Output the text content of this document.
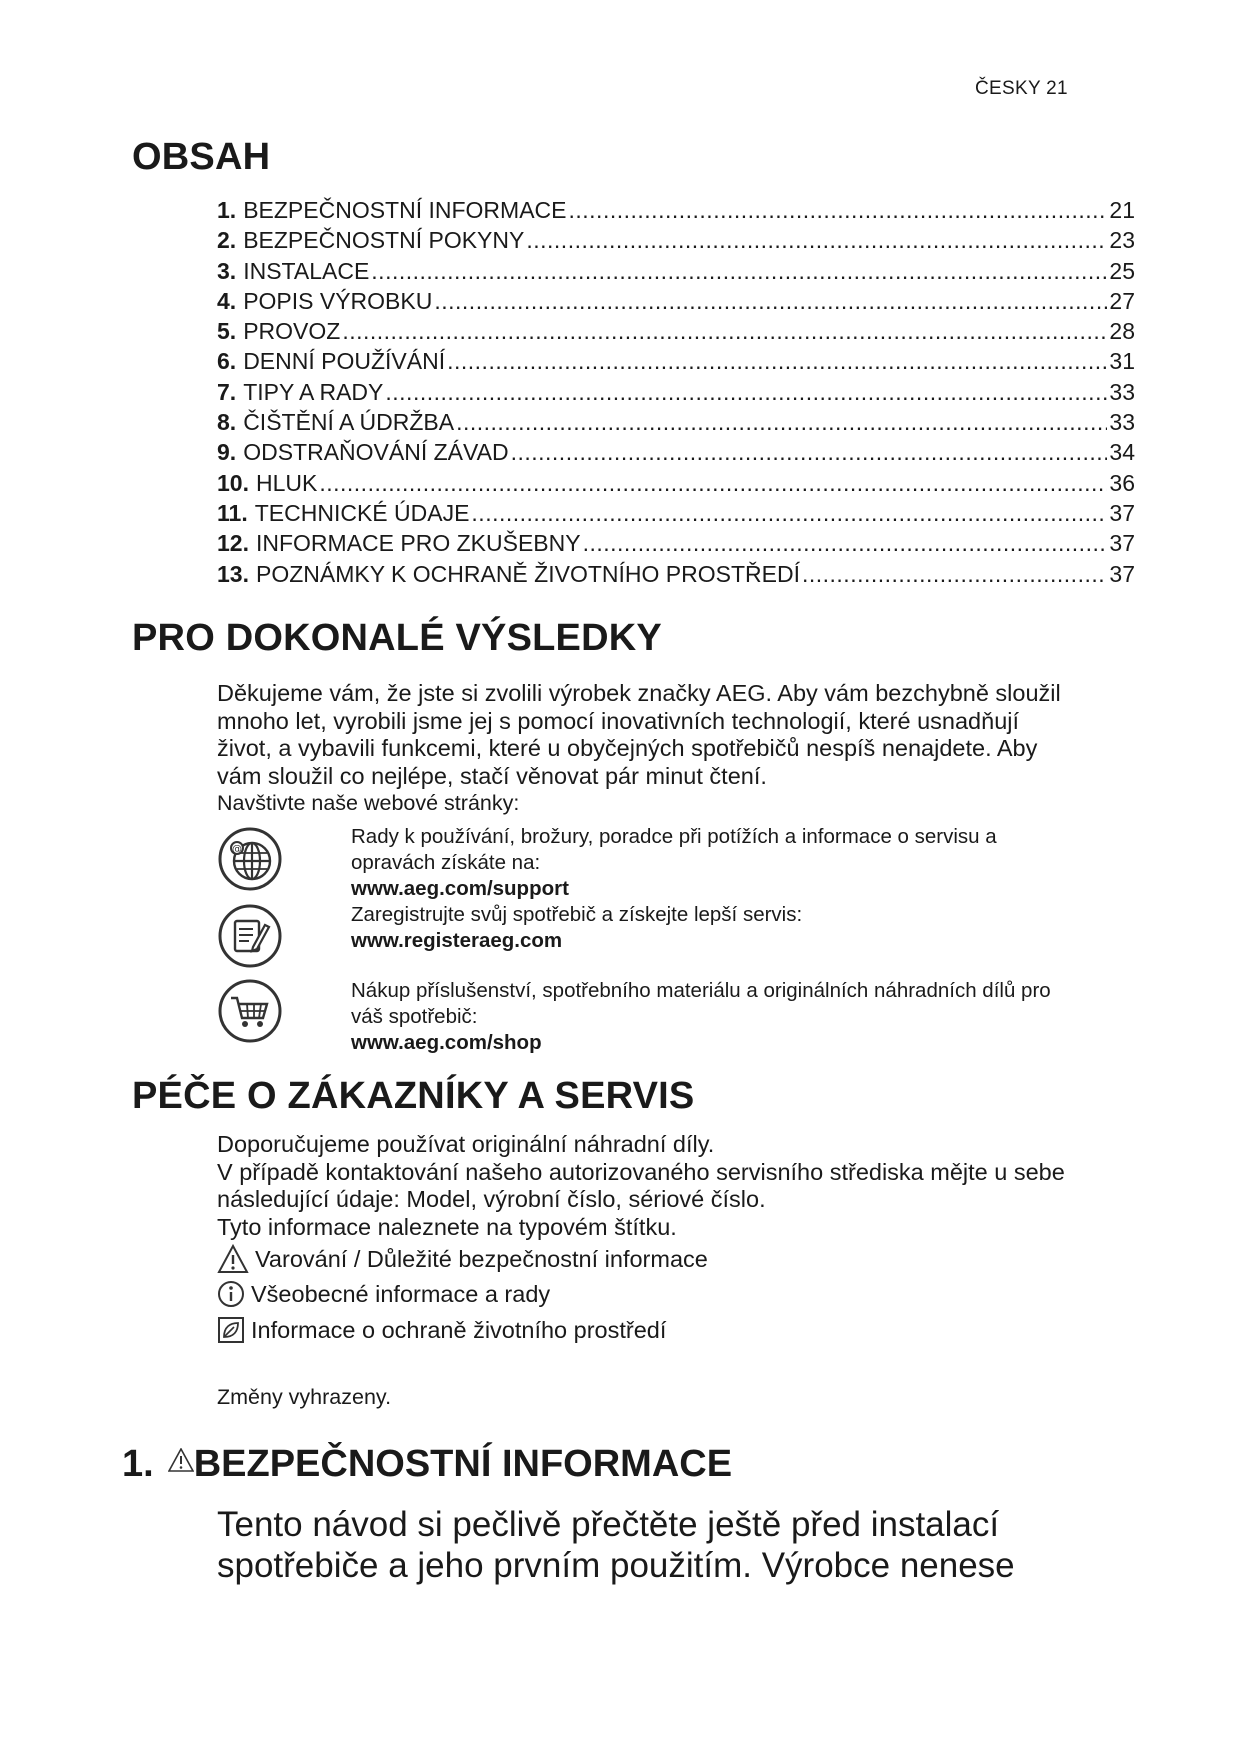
ČESKY 21
OBSAH
1. BEZPEČNOSTNÍ INFORMACE .....	21
2. BEZPEČNOSTNÍ POKYNY .....	23
3. INSTALACE .....	25
4. POPIS VÝROBKU .....	27
5. PROVOZ .....	28
6. DENNÍ POUŽÍVÁNÍ .....	31
7. TIPY A RADY .....	33
8. ČIŠTĚNÍ A ÚDRŽBA .....	33
9. ODSTRAŇOVÁNÍ ZÁVAD .....	34
10. HLUK .....	36
11. TECHNICKÉ ÚDAJE .....	37
12. INFORMACE PRO ZKUŠEBNY .....	37
13. POZNÁMKY K OCHRANĚ ŽIVOTNÍHO PROSTŘEDÍ .....	37
PRO DOKONALÉ VÝSLEDKY

Děkujeme vám, že jste si zvolili výrobek značky AEG. Aby vám bezchybně sloužil

mnoho let, vyrobili jsme jej s pomocí inovativních technologií, které usnadňují

život, a vybavili funkcemi, které u obyčejných spotřebičů nespíš nenajdete. Aby

vám sloužil co nejlépe, stačí věnovat pár minut čtení.

Navštivte naše webové stránky:

@

Rady k používání, brožury, poradce při potížích a informace o servisu a

opravách získáte na:

www.aeg.com/support

Zaregistrujte svůj spotřebič a získejte lepší servis:

www.registeraeg.com

Nákup příslušenství, spotřebního materiálu a originálních náhradních dílů pro

váš spotřebič:

www.aeg.com/shop

PÉČE O ZÁKAZNÍKY A SERVIS

Doporučujeme používat originální náhradní díly.

V případě kontaktování našeho autorizovaného servisního střediska mějte u sebe

následující údaje: Model, výrobní číslo, sériové číslo.

Tyto informace naleznete na typovém štítku.

Varování / Důležité bezpečnostní informace
Všeobecné informace a rady
Informace o ochraně životního prostředí
Změny vyhrazeny.
1. BEZPEČNOSTNÍ INFORMACE

Tento návod si pečlivě přečtěte ještě před instalací

spotřebiče a jeho prvním použitím. Výrobce nenese
